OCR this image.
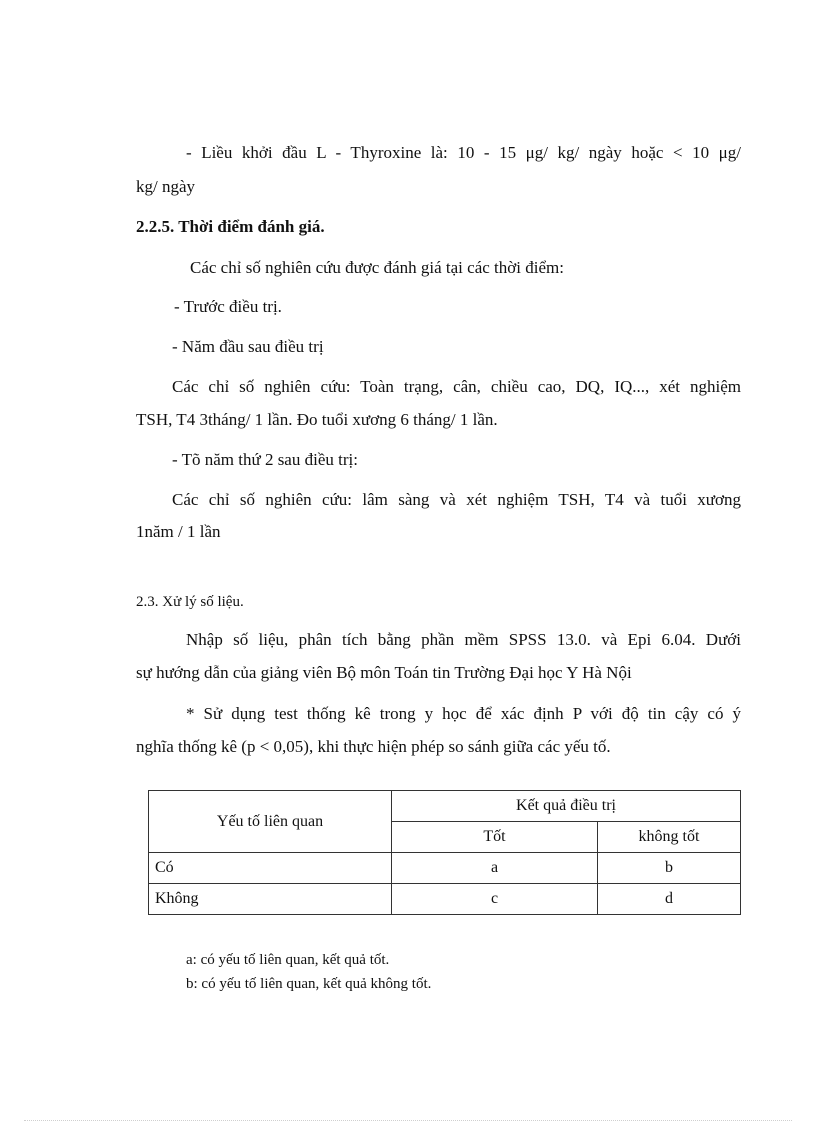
- Liều khởi đầu L - Thyroxine là: 10 - 15 μg/ kg/ ngày hoặc < 10 μg/
kg/ ngày
2.2.5. Thời điểm đánh giá.
Các chỉ số nghiên cứu được đánh giá tại các thời điểm:
- Trước điều trị.
- Năm đầu sau điều trị
Các chỉ số nghiên cứu: Toàn trạng, cân, chiều cao, DQ, IQ..., xét nghiệm
TSH, T4 3tháng/ 1 lần. Đo tuổi xương 6 tháng/ 1 lần.
- Tõ năm thứ 2 sau điều trị:
Các chỉ số nghiên cứu: lâm sàng và xét nghiệm TSH, T4 và tuổi xương
1năm / 1 lần
2.3. Xử lý số liệu.
Nhập số liệu, phân tích bằng phần mềm SPSS 13.0. và Epi 6.04. Dưới
sự hướng dẫn của giảng viên Bộ môn Toán tin Trường Đại học Y Hà Nội
* Sử dụng test thống kê trong y học để xác định P với độ tin cậy có ý
nghĩa thống kê (p < 0,05), khi thực hiện phép so sánh giữa các yếu tố.
Yếu tố liên quan	Kết quả điều trị	
	Tốt	không tốt
Có	a	b
Không	c	d
a: có yếu tố liên quan, kết quả tốt.
b: có yếu tố liên quan, kết quả không tốt.
